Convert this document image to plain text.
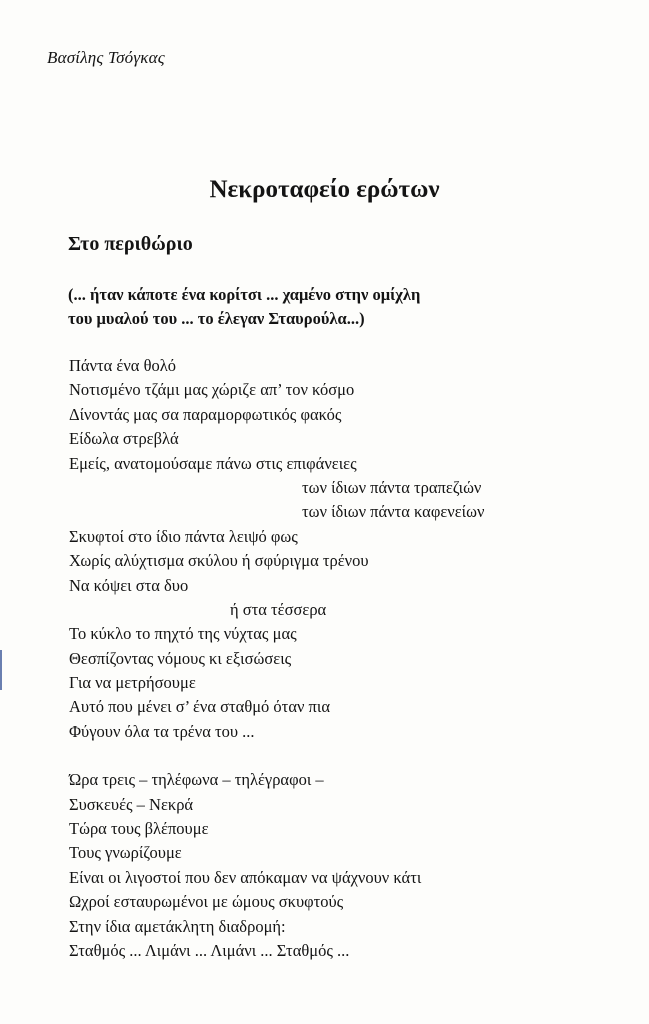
Βασίλης Τσόγκας
Νεκροταφείο ερώτων
Στο περιθώριο
(... ήταν κάποτε ένα κορίτσι ... χαμένο στην ομίχλη
του μυαλού του ... το έλεγαν Σταυρούλα...)
Πάντα ένα θολό
Νοτισμένο τζάμι μας χώριζε απ’ τον κόσμο
Δίνοντάς μας σα παραμορφωτικός φακός
Είδωλα στρεβλά
Εμείς, ανατομούσαμε πάνω στις επιφάνειες
των ίδιων πάντα τραπεζιών
των ίδιων πάντα καφενείων
Σκυφτοί στο ίδιο πάντα λειψό φως
Χωρίς αλύχτισμα σκύλου ή σφύριγμα τρένου
Να κόψει στα δυο
ή στα τέσσερα
Το κύκλο το πηχτό της νύχτας μας
Θεσπίζοντας νόμους κι εξισώσεις
Για να μετρήσουμε
Αυτό που μένει σ’ ένα σταθμό όταν πια
Φύγουν όλα τα τρένα του ...
Ώρα τρεις – τηλέφωνα – τηλέγραφοι –
Συσκευές – Νεκρά
Τώρα τους βλέπουμε
Τους γνωρίζουμε
Είναι οι λιγοστοί που δεν απόκαμαν να ψάχνουν κάτι
Ωχροί εσταυρωμένοι με ώμους σκυφτούς
Στην ίδια αμετάκλητη διαδρομή:
Σταθμός ... Λιμάνι ... Λιμάνι ... Σταθμός ...
